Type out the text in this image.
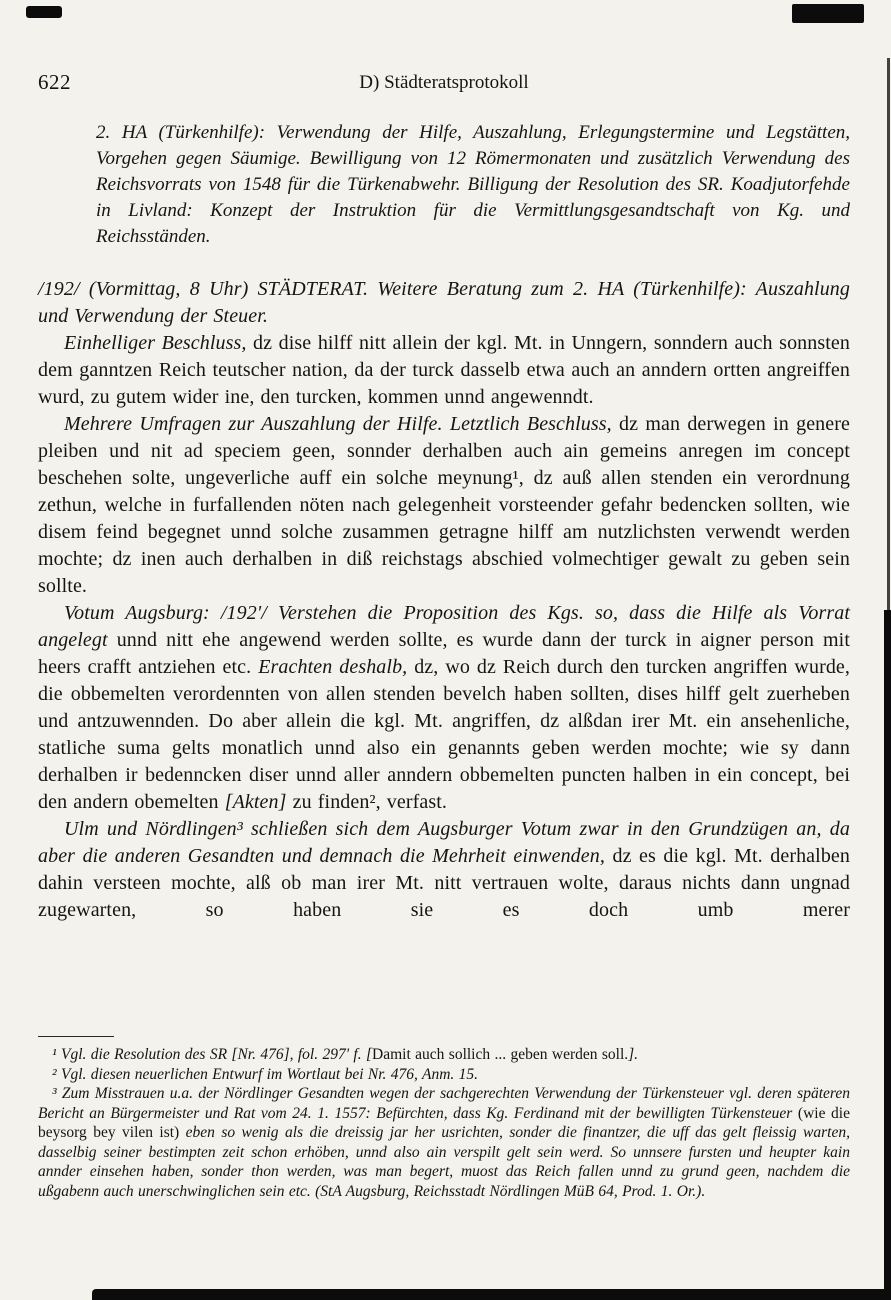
622	D) Städteratsprotokoll

2. HA (Türkenhilfe): Verwendung der Hilfe, Auszahlung, Erlegungstermine und Legstätten, Vorgehen gegen Säumige. Bewilligung von 12 Römermonaten und zusätzlich Verwendung des Reichsvorrats von 1548 für die Türkenabwehr. Billigung der Resolution des SR. Koadjutorfehde in Livland: Konzept der Instruktion für die Vermittlungsgesandtschaft von Kg. und Reichsständen.

/192/ (Vormittag, 8 Uhr) STÄDTERAT. Weitere Beratung zum 2. HA (Türkenhilfe): Auszahlung und Verwendung der Steuer.

Einhelliger Beschluss, dz dise hilff nitt allein der kgl. Mt. in Unngern, sonndern auch sonnsten dem ganntzen Reich teutscher nation, da der turck dasselb etwa auch an anndern ortten angreiffen wurd, zu gutem wider ine, den turcken, kommen unnd angewenndt.

Mehrere Umfragen zur Auszahlung der Hilfe. Letztlich Beschluss, dz man derwegen in genere pleiben und nit ad speciem geen, sonnder derhalben auch ain gemeins anregen im concept beschehen solte, ungeverliche auff ein solche meynung¹, dz auß allen stenden ein verordnung zethun, welche in furfallenden nöten nach gelegenheit vorsteender gefahr bedencken sollten, wie disem feind begegnet unnd solche zusammen getragne hilff am nutzlichsten verwendt werden mochte; dz inen auch derhalben in diß reichstags abschied volmechtiger gewalt zu geben sein sollte.

Votum Augsburg: /192'/ Verstehen die Proposition des Kgs. so, dass die Hilfe als Vorrat angelegt unnd nitt ehe angewend werden sollte, es wurde dann der turck in aigner person mit heers crafft antziehen etc. Erachten deshalb, dz, wo dz Reich durch den turcken angriffen wurde, die obbemelten verordennten von allen stenden bevelch haben sollten, dises hilff gelt zuerheben und antzuwennden. Do aber allein die kgl. Mt. angriffen, dz alßdan irer Mt. ein ansehenliche, statliche suma gelts monatlich unnd also ein genannts geben werden mochte; wie sy dann derhalben ir bedenncken diser unnd aller anndern obbemelten puncten halben in ein concept, bei den andern obemelten [Akten] zu finden², verfast.

Ulm und Nördlingen³ schließen sich dem Augsburger Votum zwar in den Grundzügen an, da aber die anderen Gesandten und demnach die Mehrheit einwenden, dz es die kgl. Mt. derhalben dahin versteen mochte, alß ob man irer Mt. nitt vertrauen wolte, daraus nichts dann ungnad zugewarten, so haben sie es doch umb merer

¹ Vgl. die Resolution des SR [Nr. 476], fol. 297' f. [Damit auch sollich ... geben werden soll.].

² Vgl. diesen neuerlichen Entwurf im Wortlaut bei Nr. 476, Anm. 15.

³ Zum Misstrauen u.a. der Nördlinger Gesandten wegen der sachgerechten Verwendung der Türkensteuer vgl. deren späteren Bericht an Bürgermeister und Rat vom 24. 1. 1557: Befürchten, dass Kg. Ferdinand mit der bewilligten Türkensteuer (wie die beysorg bey vilen ist) eben so wenig als die dreissig jar her usrichten, sonder die finantzer, die uff das gelt fleissig warten, dasselbig seiner bestimpten zeit schon erhöben, unnd also ain verspilt gelt sein werd. So unnsere fursten und heupter kain annder einsehen haben, sonder thon werden, was man begert, muost das Reich fallen unnd zu grund geen, nachdem die ußgabenn auch unerschwinglichen sein etc. (StA Augsburg, Reichsstadt Nördlingen MüB 64, Prod. 1. Or.).
